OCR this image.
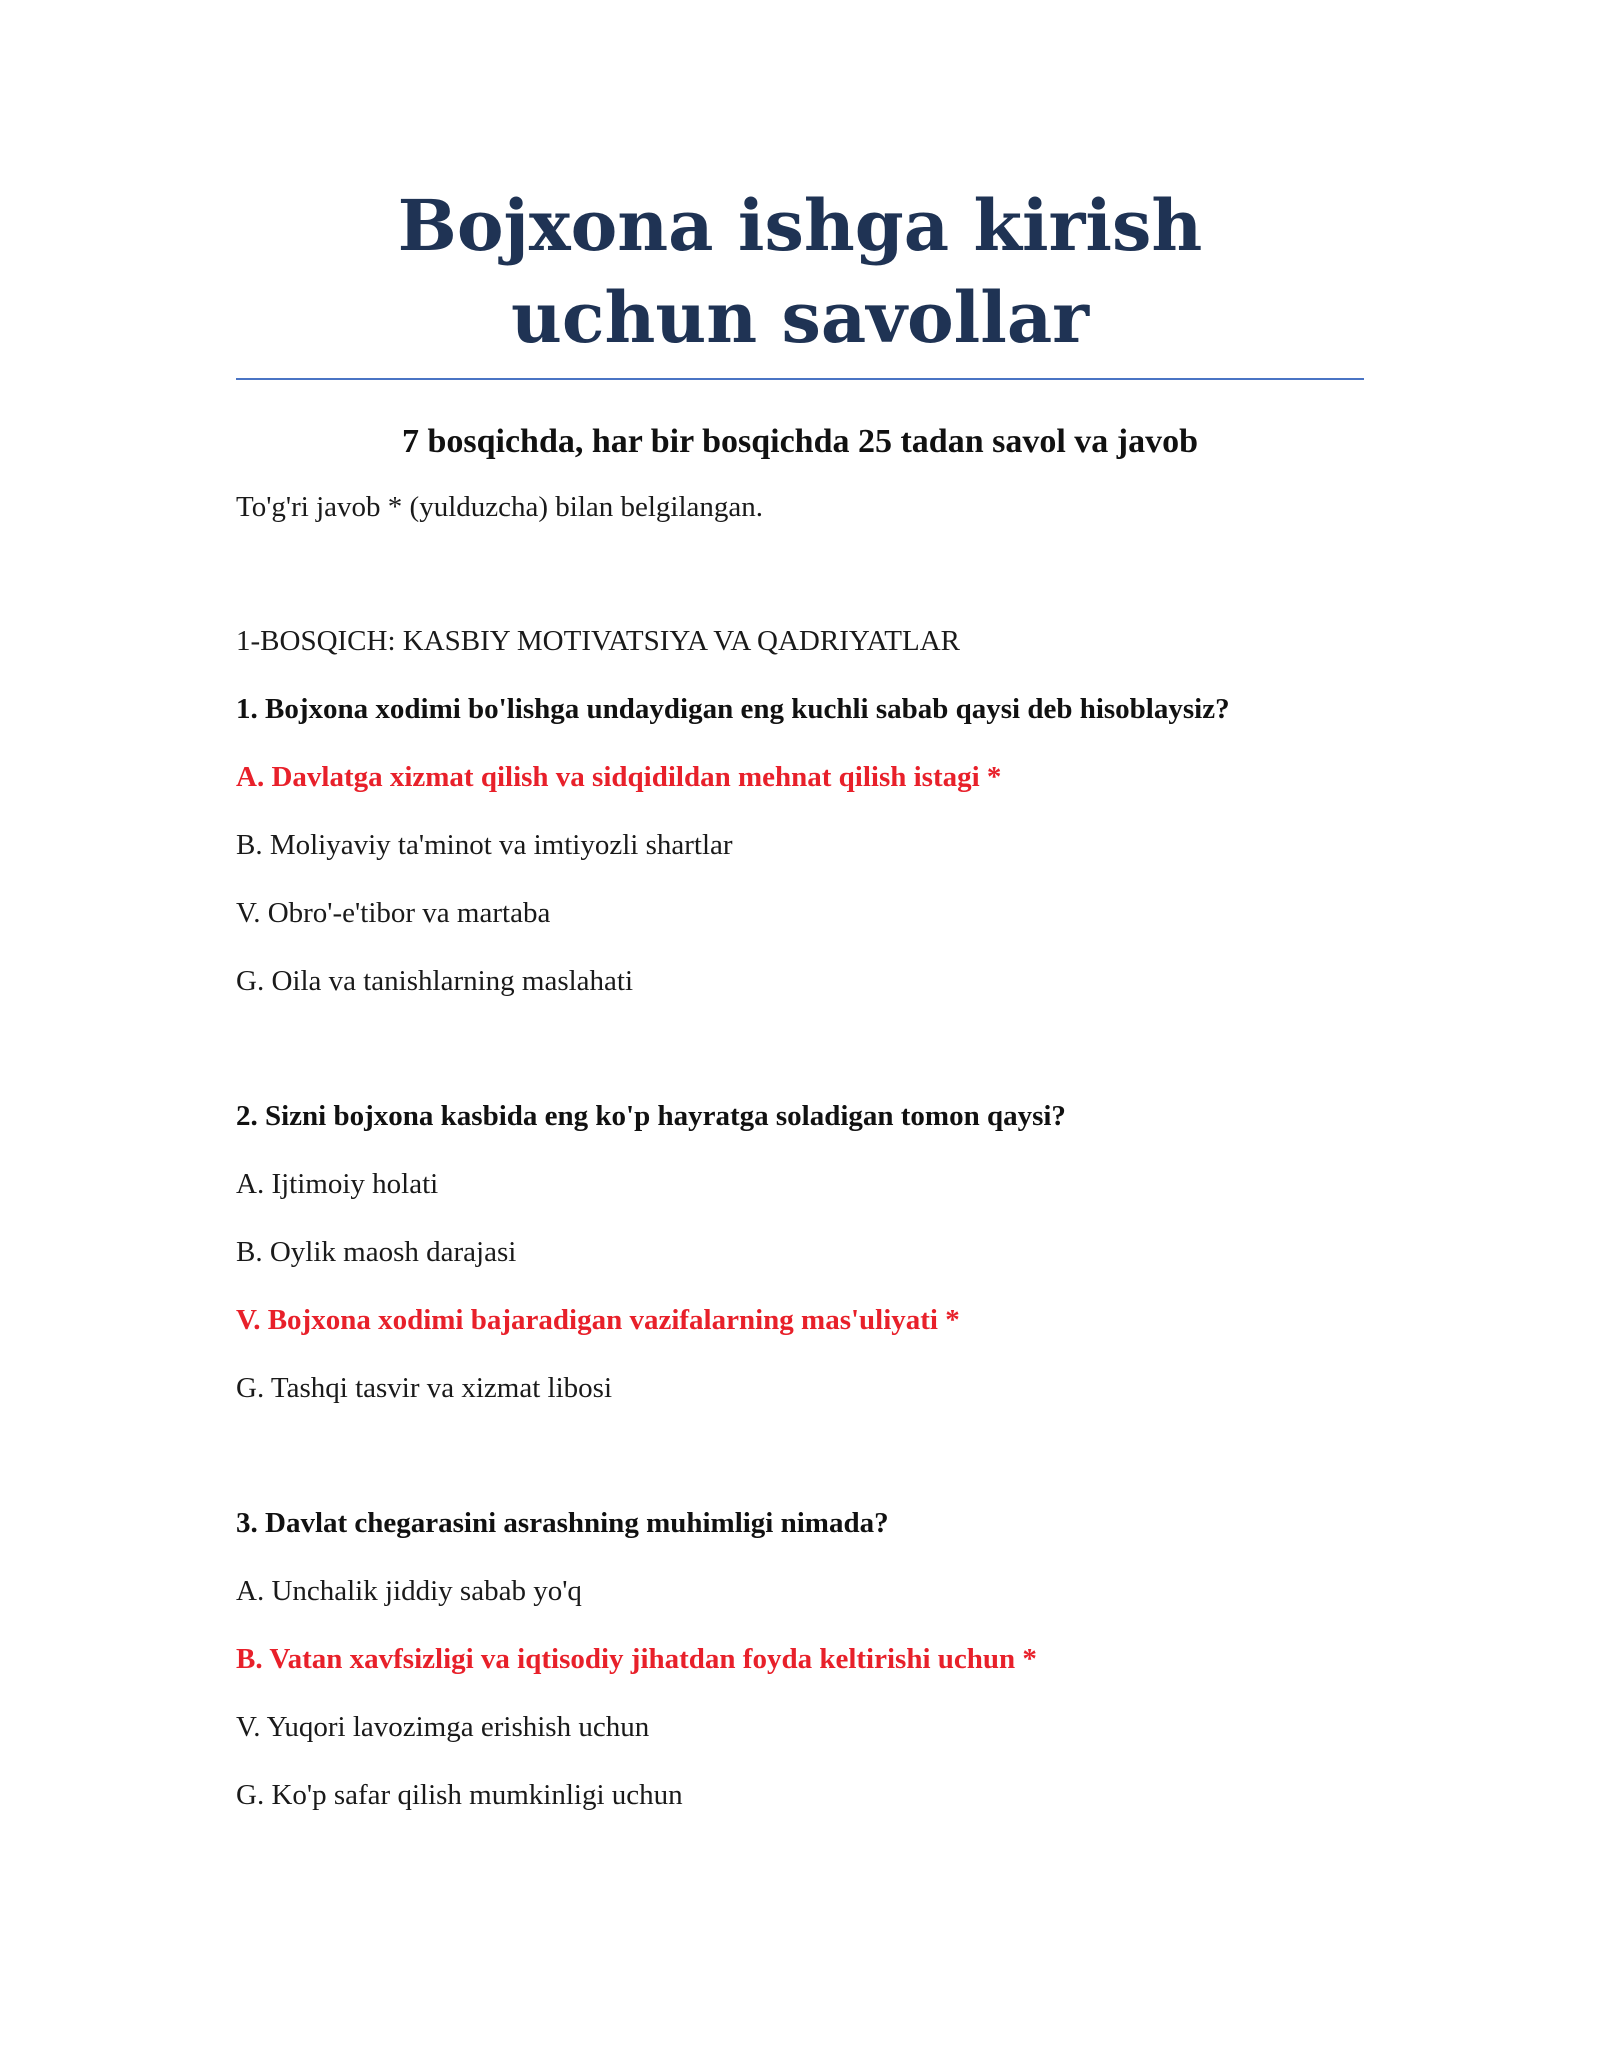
Bojxona ishga kirish uchun savollar
7 bosqichda, har bir bosqichda 25 tadan savol va javob
To'g'ri javob * (yulduzcha) bilan belgilangan.
1-BOSQICH: KASBIY MOTIVATSIYA VA QADRIYATLAR
1. Bojxona xodimi bo'lishga undaydigan eng kuchli sabab qaysi deb hisoblaysiz?
A. Davlatga xizmat qilish va sidqidildan mehnat qilish istagi *
B. Moliyaviy ta'minot va imtiyozli shartlar
V. Obro'-e'tibor va martaba
G. Oila va tanishlarning maslahati
2. Sizni bojxona kasbida eng ko'p hayratga soladigan tomon qaysi?
A. Ijtimoiy holati
B. Oylik maosh darajasi
V. Bojxona xodimi bajaradigan vazifalarning mas'uliyati *
G. Tashqi tasvir va xizmat libosi
3. Davlat chegarasini asrashning muhimligi nimada?
A. Unchalik jiddiy sabab yo'q
B. Vatan xavfsizligi va iqtisodiy jihatdan foyda keltirishi uchun *
V. Yuqori lavozimga erishish uchun
G. Ko'p safar qilish mumkinligi uchun
